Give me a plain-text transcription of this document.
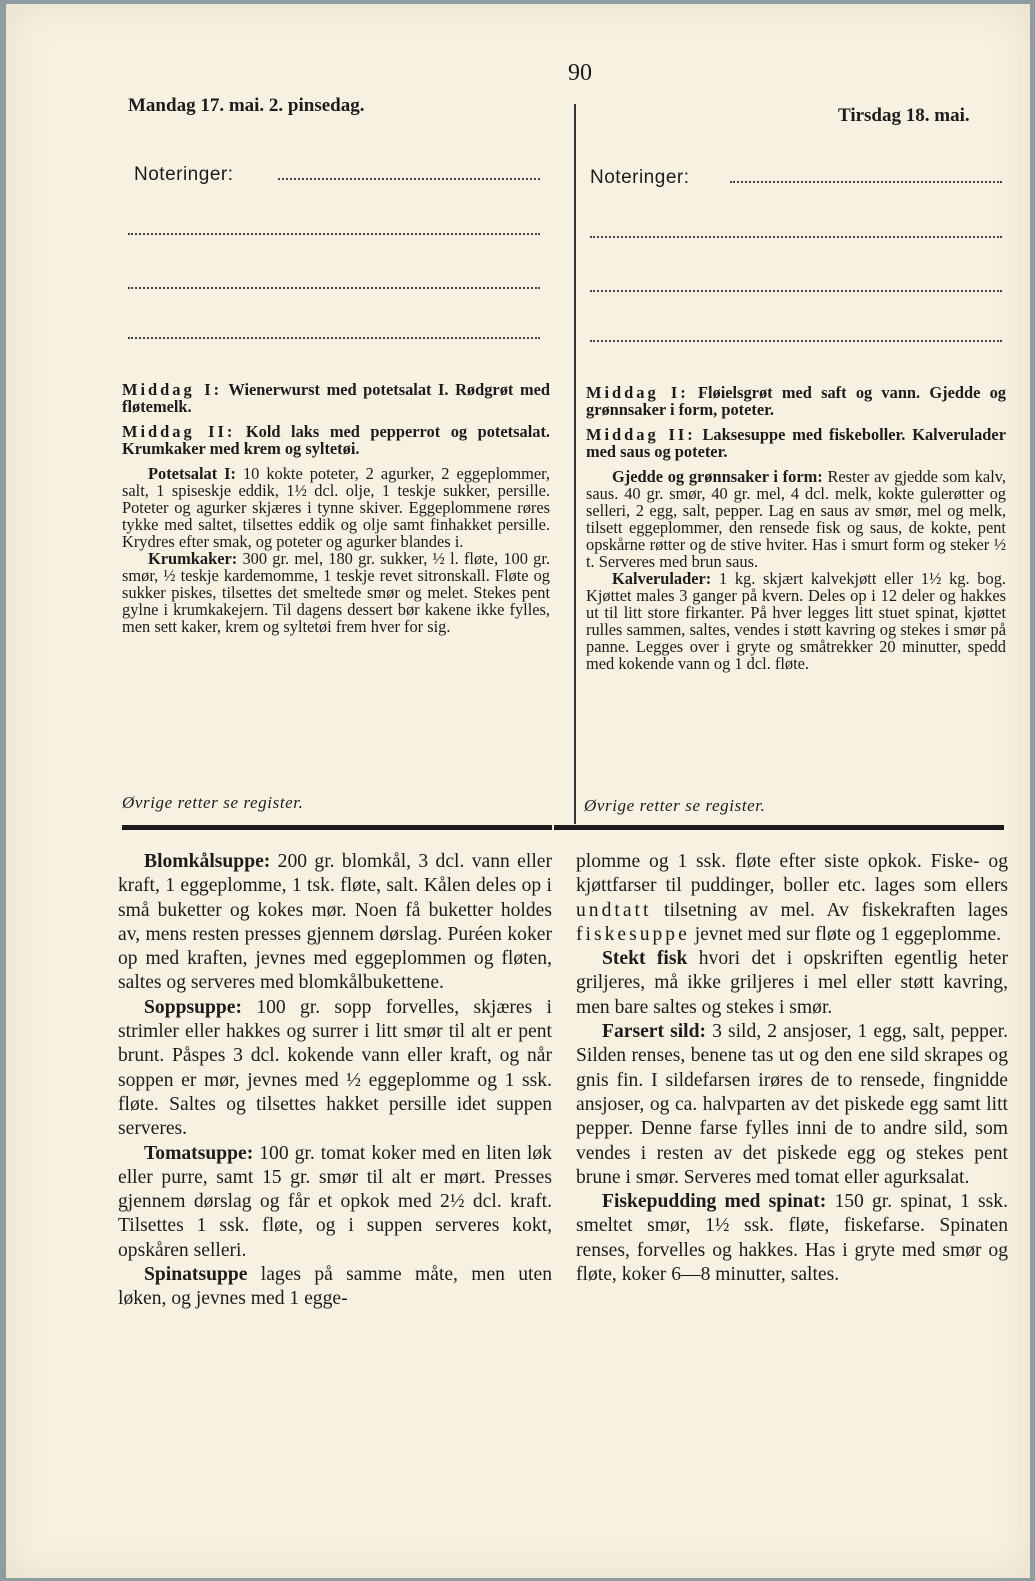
90
Mandag 17. mai. 2. pinsedag.	Tirsdag 18. mai.
Noteringer:	Noteringer:

Middag I: Wienerwurst med potetsalat I. Rødgrøt med fløtemelk.

Middag II: Kold laks med pepperrot og potetsalat. Krumkaker med krem og syltetøi.

Potetsalat I: 10 kokte poteter, 2 agurker, 2 eggeplommer, salt, 1 spiseskje eddik, 1½ dcl. olje, 1 teskje sukker, persille. Poteter og agurker skjæres i tynne skiver. Eggeplommene røres tykke med saltet, tilsettes eddik og olje samt finhakket persille. Krydres efter smak, og poteter og agurker blandes i.

Krumkaker: 300 gr. mel, 180 gr. sukker, ½ l. fløte, 100 gr. smør, ½ teskje kardemomme, 1 teskje revet sitronskall. Fløte og sukker piskes, tilsettes det smeltede smør og melet. Stekes pent gylne i krumkakejern. Til dagens dessert bør kakene ikke fylles, men sett kaker, krem og syltetøi frem hver for sig.

Øvrige retter se register.

Middag I: Fløielsgrøt med saft og vann. Gjedde og grønnsaker i form, poteter.

Middag II: Laksesuppe med fiskeboller. Kalverulader med saus og poteter.

Gjedde og grønnsaker i form: Rester av gjedde som kalv, saus. 40 gr. smør, 40 gr. mel, 4 dcl. melk, kokte gulerøtter og selleri, 2 egg, salt, pepper. Lag en saus av smør, mel og melk, tilsett eggeplommer, den rensede fisk og saus, de kokte, pent opskårne røtter og de stive hviter. Has i smurt form og steker ½ t. Serveres med brun saus.

Kalverulader: 1 kg. skjært kalvekjøtt eller 1½ kg. bog. Kjøttet males 3 ganger på kvern. Deles op i 12 deler og hakkes ut til litt store firkanter. På hver legges litt stuet spinat, kjøttet rulles sammen, saltes, vendes i støtt kavring og stekes i smør på panne. Legges over i gryte og småtrekker 20 minutter, spedd med kokende vann og 1 dcl. fløte.

Øvrige retter se register.

Blomkålsuppe: 200 gr. blomkål, 3 dcl. vann eller kraft, 1 eggeplomme, 1 tsk. fløte, salt. Kålen deles op i små buketter og kokes mør. Noen få buketter holdes av, mens resten presses gjennem dørslag. Puréen koker op med kraften, jevnes med eggeplommen og fløten, saltes og serveres med blomkålbukettene.

Soppsuppe: 100 gr. sopp forvelles, skjæres i strimler eller hakkes og surrer i litt smør til alt er pent brunt. Påspes 3 dcl. kokende vann eller kraft, og når soppen er mør, jevnes med ½ eggeplomme og 1 ssk. fløte. Saltes og tilsettes hakket persille idet suppen serveres.

Tomatsuppe: 100 gr. tomat koker med en liten løk eller purre, samt 15 gr. smør til alt er mørt. Presses gjennem dørslag og får et opkok med 2½ dcl. kraft. Tilsettes 1 ssk. fløte, og i suppen serveres kokt, opskåren selleri.

Spinatsuppe lages på samme måte, men uten løken, og jevnes med 1 egge-

plomme og 1 ssk. fløte efter siste opkok. Fiske- og kjøttfarser til puddinger, boller etc. lages som ellers undtatt tilsetning av mel. Av fiskekraften lages fiskesuppe jevnet med sur fløte og 1 eggeplomme.

Stekt fisk hvori det i opskriften egentlig heter griljeres, må ikke griljeres i mel eller støtt kavring, men bare saltes og stekes i smør.

Farsert sild: 3 sild, 2 ansjoser, 1 egg, salt, pepper. Silden renses, benene tas ut og den ene sild skrapes og gnis fin. I sildefarsen irøres de to rensede, fingnidde ansjoser, og ca. halvparten av det piskede egg samt litt pepper. Denne farse fylles inni de to andre sild, som vendes i resten av det piskede egg og stekes pent brune i smør. Serveres med tomat eller agurksalat.

Fiskepudding med spinat: 150 gr. spinat, 1 ssk. smeltet smør, 1½ ssk. fløte, fiskefarse. Spinaten renses, forvelles og hakkes. Has i gryte med smør og fløte, koker 6—8 minutter, saltes.
